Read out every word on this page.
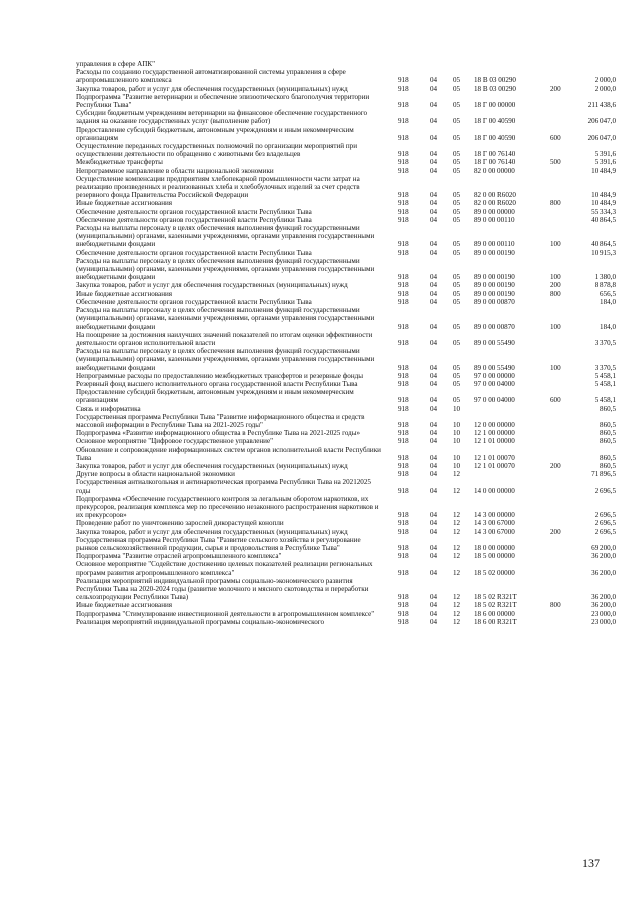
управления в сфере АПК"
Расходы по созданию государственной автоматизированной системы управления в сфере агропромышленного комплекса	918	04 05 18 В 03 00290	2 000,0
Закупка товаров, работ и услуг для обеспечения государственных (муниципальных) нужд	918	04 05 18 В 03 00290	200	2 000,0
Подпрограмма "Развитие ветеринарии и обеспечение эпизоотического благополучия территории Республики Тыва"	918	04 05 18 Г 00 00000	211 438,6
Субсидии бюджетным учреждениям ветеринарии на финансовое обеспечение государственного задания на оказание государственных услуг (выполнение работ)	918	04 05 18 Г 00 40590	206 047,0
Предоставление субсидий бюджетным, автономным учреждениям и иным некоммерческим организациям	918	04 05 18 Г 00 40590	600	206 047,0
Осуществление переданных государственных полномочий по организации мероприятий при осуществлении деятельности по обращению с животными без владельцев	918	04 05 18 Г 00 76140	5 391,6
Межбюджетные трансферты	918	04 05 18 Г 00 76140	500	5 391,6
Непрограммное направление в области национальной экономики	918	04 05 82 0 00 00000	10 484,9
Осуществление компенсации предприятиям хлебопекарной промышленности части затрат на реализацию произведенных и реализованных хлеба и хлебобулочных изделий за счет средств резервного фонда Правительства Российской Федерации	918	04 05 82 0 00 R6020	10 484,9
Иные бюджетные ассигнования	918	04 05 82 0 00 R6020	800	10 484,9
Обеспечение деятельности органов государственной власти Республики Тыва	918	04 05 89 0 00 00000	55 334,3
Обеспечение деятельности органов государственной власти Республики Тыва	918	04 05 89 0 00 00110	40 864,5
Расходы на выплаты персоналу в целях обеспечения выполнения функций государственными (муниципальными) органами, казенными учреждениями, органами управления государственными внебюджетными фондами	918	04 05 89 0 00 00110	100	40 864,5
Обеспечение деятельности органов государственной власти Республики Тыва	918	04 05 89 0 00 00190	10 915,3
Расходы на выплаты персоналу в целях обеспечения выполнения функций государственными (муниципальными) органами, казенными учреждениями, органами управления государственными внебюджетными фондами	918	04 05 89 0 00 00190	100	1 380,0
Закупка товаров, работ и услуг для обеспечения государственных (муниципальных) нужд	918	04 05 89 0 00 00190	200	8 878,8
Иные бюджетные ассигнования	918	04 05 89 0 00 00190	800	656,5
Обеспечение деятельности органов государственной власти Республики Тыва	918	04 05 89 0 00 00870	184,0
Расходы на выплаты персоналу в целях обеспечения выполнения функций государственными (муниципальными) органами, казенными учреждениями, органами управления государственными внебюджетными фондами	918	04 05 89 0 00 00870	100	184,0
На поощрение за достижения наилучших значений показателей по итогам оценки эффективности деятельности органов исполнительной власти	918	04 05 89 0 00 55490	3 370,5
Расходы на выплаты персоналу в целях обеспечения выполнения функций государственными (муниципальными) органами, казенными учреждениями, органами управления государственными внебюджетными фондами	918	04 05 89 0 00 55490	100	3 370,5
Непрограммные расходы по предоставлению межбюджетных трансфертов и резервные фонды	918	04 05 97 0 00 00000	5 458,1
Резервный фонд высшего исполнительного органа государственной власти Республики Тыва	918	04 05 97 0 00 04000	5 458,1
Предоставление субсидий бюджетным, автономным учреждениям и иным некоммерческим организациям	918	04 05 97 0 00 04000	600	5 458,1
Связь и информатика	918	04 10	860,5
Государственная программа Республики Тыва "Развитие информационного общества и средств массовой информации в Республике Тыва на 2021-2025 годы"	918	04 10 12 0 00 00000	860,5
Подпрограмма «Развитие информационного общества в Республике Тыва на 2021-2025 годы»	918	04 10 12 1 00 00000	860,5
Основное мероприятие "Цифровое государственное управление"	918	04 10 12 1 01 00000	860,5
Обновление и сопровождение информационных систем органов исполнительной власти Республики Тыва	918	04 10 12 1 01 00070	860,5
Закупка товаров, работ и услуг для обеспечения государственных (муниципальных) нужд	918	04 10 12 1 01 00070	200	860,5
Другие вопросы в области национальной экономики	918	04 12	71 896,5
Государственная антиалкогольная и антинаркотическая программа Республики Тыва на 20212025 годы	918	04 12 14 0 00 00000	2 696,5
Подпрограмма «Обеспечение государственного контроля за легальным оборотом наркотиков, их прекурсоров, реализация комплекса мер по пресечению незаконного распространения наркотиков и их прекурсоров»	918	04 12 14 3 00 00000	2 696,5
Проведение работ по уничтожению зарослей дикорастущей конопли	918	04 12 14 3 00 67000	2 696,5
Закупка товаров, работ и услуг для обеспечения государственных (муниципальных) нужд	918	04 12 14 3 00 67000	200	2 696,5
Государственная программа Республики Тыва "Развитие сельского хозяйства и регулирование рынков сельскохозяйственной продукции, сырья и продовольствия в Республике Тыва"	918	04 12 18 0 00 00000	69 200,0
Подпрограмма "Развитие отраслей агропромышленного комплекса"	918	04 12 18 5 00 00000	36 200,0
Основное мероприятие "Содействие достижению целевых показателей реализации региональных программ развития агропромышленного комплекса"	918	04 12 18 5 02 00000	36 200,0
Реализация мероприятий индивидуальной программы социально-экономического развития Республики Тыва на 2020-2024 годы (развитие молочного и мясного скотоводства и переработки сельхозпродукции Республики Тыва)	918	04 12 18 5 02 R321T	36 200,0
Иные бюджетные ассигнования	918	04 12 18 5 02 R321T	800	36 200,0
Подпрограмма "Стимулирование инвестиционной деятельности в агропромышленном комплексе"	918	04 12 18 6 00 00000	23 000,0
Реализация мероприятий индивидуальной программы социально-экономического	918	04 12 18 6 00 R321T	23 000,0
137
